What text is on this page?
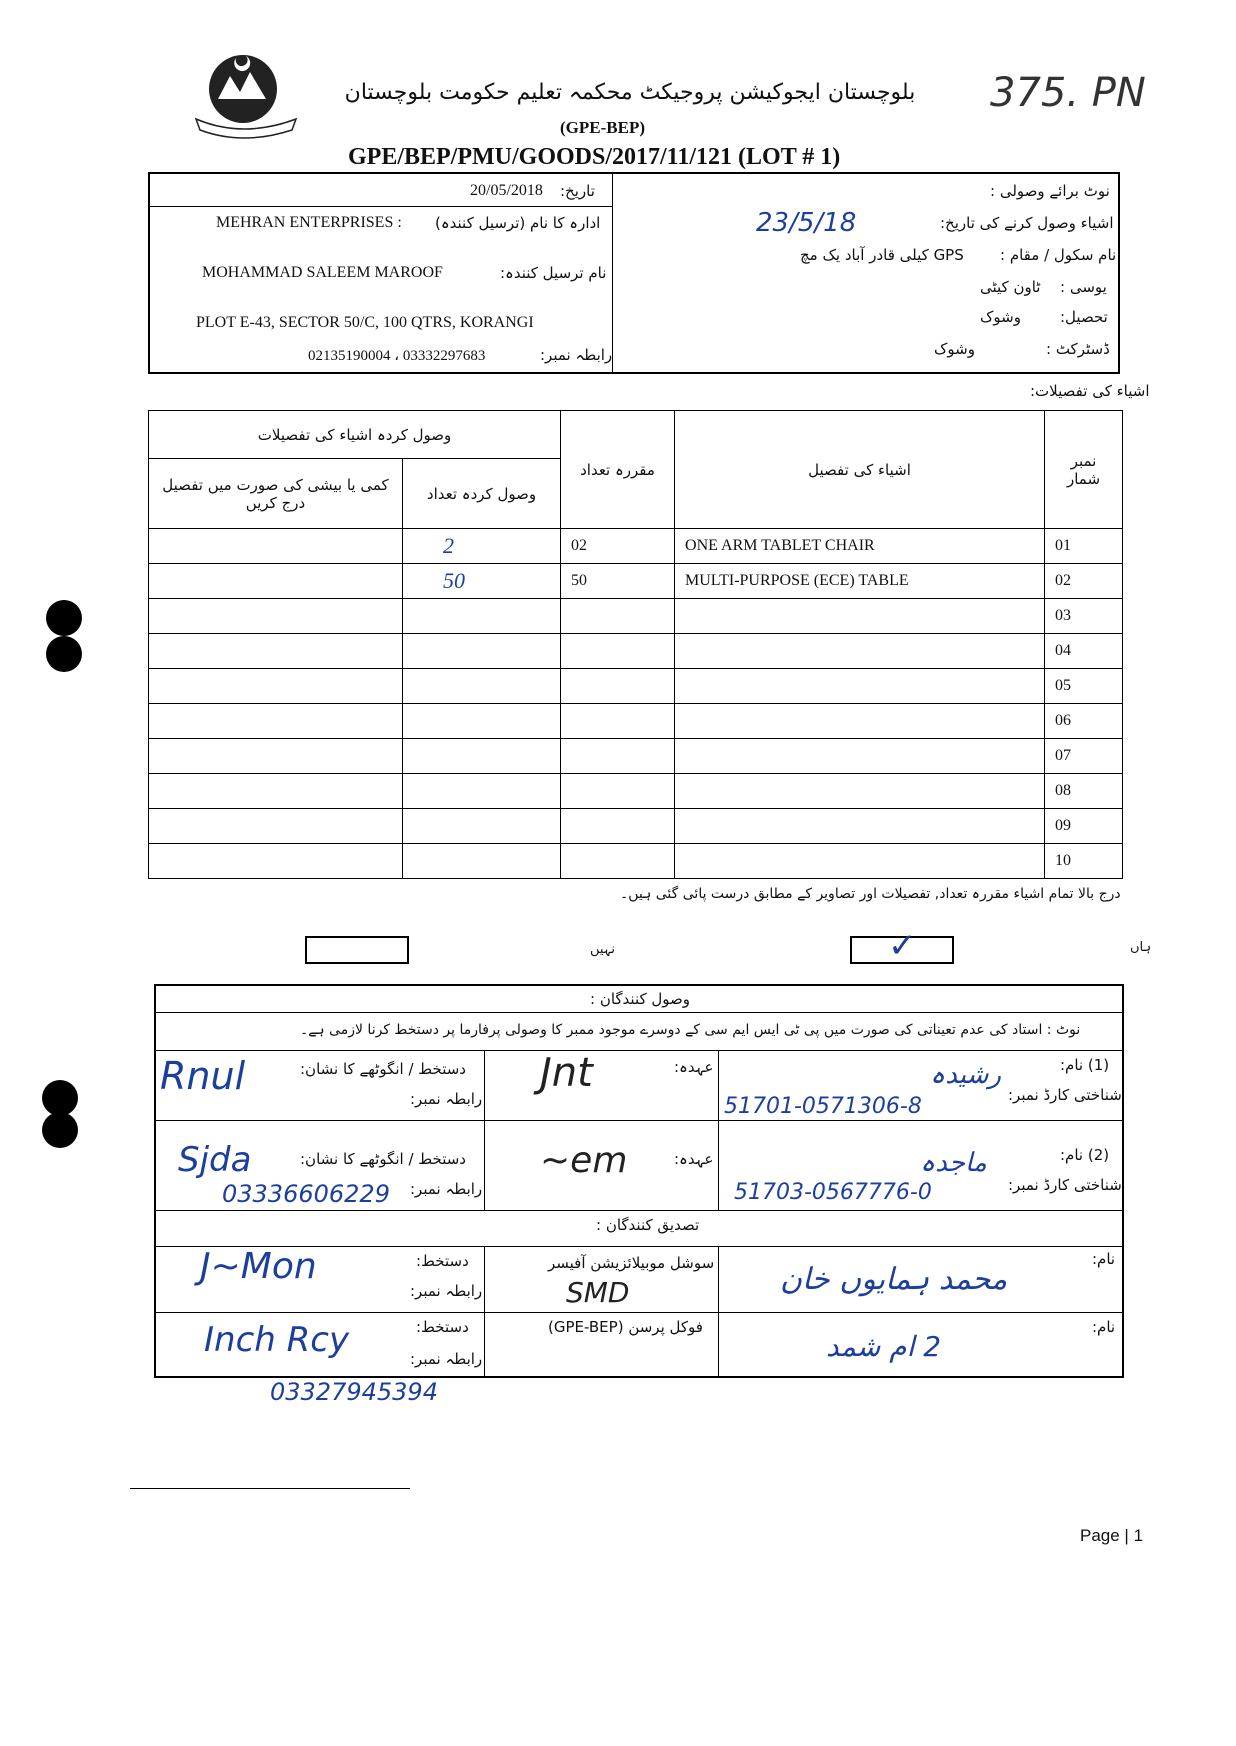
375. PN
بلوچستان ایجوکیشن پروجیکٹ محکمہ تعلیم حکومت بلوچستان
(GPE-BEP)
GPE/BEP/PMU/GOODS/2017/11/121 (LOT # 1)
تاریخ:
20/05/2018
ادارہ کا نام (ترسیل کنندہ)
MEHRAN ENTERPRISES :
نام ترسیل کنندہ:
MOHAMMAD SALEEM MAROOF
PLOT E-43, SECTOR 50/C, 100 QTRS, KORANGI
رابطہ نمبر:
02135190004 ، 03332297683
نوٹ برائے وصولی :
اشیاء وصول کرنے کی تاریخ:
23/5/18
نام سکول / مقام :
GPS کیلی قادر آباد یک مچ
یوسی :
ٹاون کیٹی
تحصیل:
وشوک
ڈسٹرکٹ :
وشوک
اشیاء کی تفصیلات:
وصول کردہ اشیاء کی تفصیلات		مقررہ تعداد	اشیاء کی تفصیل	نمبر شمار
کمی یا بیشی کی صورت میں تفصیل درج کریں	وصول کردہ تعداد			
	2	02	ONE ARM TABLET CHAIR	01
	50	50	MULTI-PURPOSE (ECE) TABLE	02
				03
				04
				05
				06
				07
				08
				09
				10
درج بالا تمام اشیاء مقررہ تعداد, تفصیلات اور تصاویر کے مطابق درست پائی گئی ہیں۔
نہیں	✓	ہاں
وصول کنندگان :
نوٹ : استاد کی عدم تعیناتی کی صورت میں پی ٹی ایس ایم سی کے دوسرے موجود ممبر کا وصولی پرفارما پر دستخط کرنا لازمی ہے۔
(1) نام:
رشیدہ
شناختی کارڈ نمبر:
51701-0571306-8
عہدہ:
Jnt
دستخط / انگوٹھے کا نشان:
رابطہ نمبر:
Rnul
(2) نام:
ماجدہ
شناختی کارڈ نمبر:
51703-0567776-0
عہدہ:
~em
دستخط / انگوٹھے کا نشان:
رابطہ نمبر:
Sjda
03336606229
تصدیق کنندگان :
نام:
محمد ہمایوں خان
سوشل موبیلائزیشن آفیسر
SMD
دستخط:
رابطہ نمبر:
J~Mon
نام:
2 ام شمد
فوکل پرسن (GPE-BEP)
دستخط:
رابطہ نمبر:
Inch Rcy
03327945394
Page | 1
